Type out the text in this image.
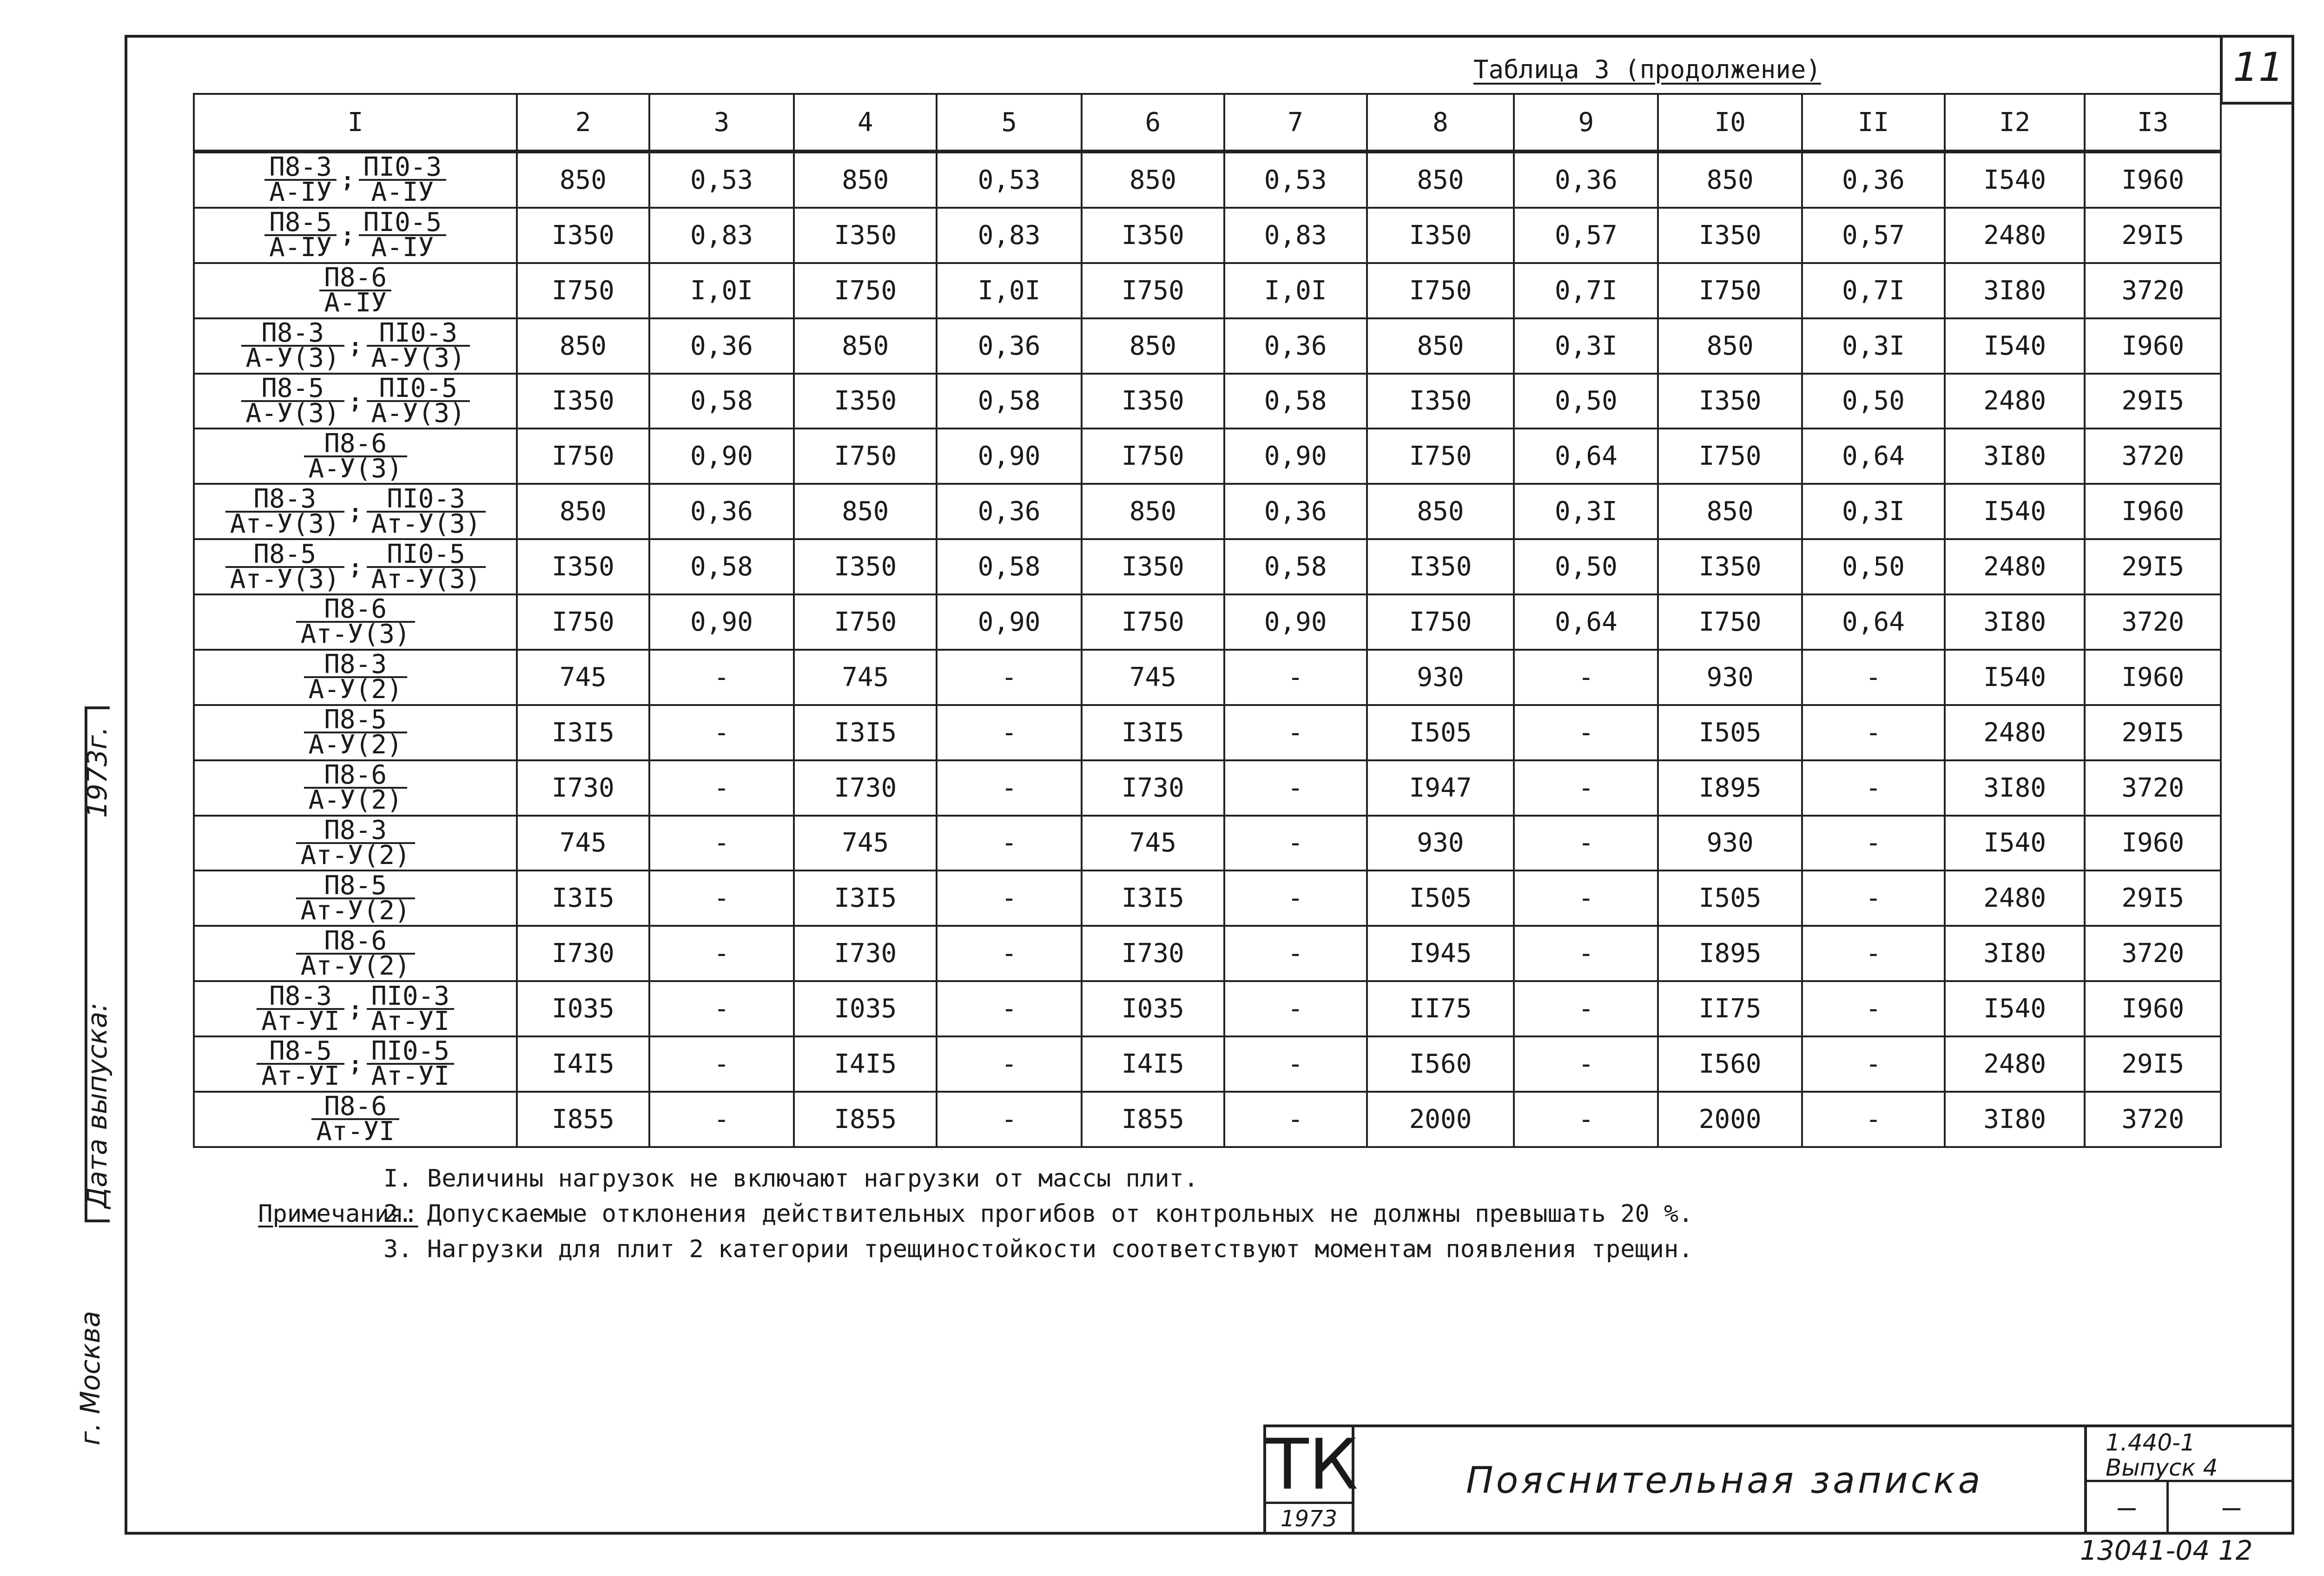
11
Дата выпуска:
1973г.
г. Москва
Таблица 3 (продолжение)
I	2	3	4	5	6	7	8	9	I0	II	I2	I3

$\frac{П8-3}{А-IУ}$ ; $\frac{ПI0-3}{А-IУ}$	850	0,53	850	0,53	850	0,53	850	0,36	850	0,36	I540	I960

$\frac{П8-5}{А-IУ}$ ; $\frac{ПI0-5}{А-IУ}$	I350	0,83	I350	0,83	I350	0,83	I350	0,57	I350	0,57	2480	29I5

$\frac{П8-6}{А-IУ}$	I750	I,0I	I750	I,0I	I750	I,0I	I750	0,7I	I750	0,7I	3I80	3720

$\frac{П8-3}{А-У(3)}$ ; $\frac{ПI0-3}{А-У(3)}$	850	0,36	850	0,36	850	0,36	850	0,3I	850	0,3I	I540	I960

$\frac{П8-5}{А-У(3)}$ ; $\frac{ПI0-5}{А-У(3)}$	I350	0,58	I350	0,58	I350	0,58	I350	0,50	I350	0,50	2480	29I5

$\frac{П8-6}{А-У(3)}$	I750	0,90	I750	0,90	I750	0,90	I750	0,64	I750	0,64	3I80	3720

$\frac{П8-3}{Ат-У(3)}$ ; $\frac{ПI0-3}{Ат-У(3)}$	850	0,36	850	0,36	850	0,36	850	0,3I	850	0,3I	I540	I960

$\frac{П8-5}{Ат-У(3)}$ ; $\frac{ПI0-5}{Ат-У(3)}$	I350	0,58	I350	0,58	I350	0,58	I350	0,50	I350	0,50	2480	29I5

$\frac{П8-6}{Ат-У(3)}$	I750	0,90	I750	0,90	I750	0,90	I750	0,64	I750	0,64	3I80	3720

$\frac{П8-3}{А-У(2)}$	745	-	745	-	745	-	930	-	930	-	I540	I960

$\frac{П8-5}{А-У(2)}$	I3I5	-	I3I5	-	I3I5	-	I505	-	I505	-	2480	29I5

$\frac{П8-6}{А-У(2)}$	I730	-	I730	-	I730	-	I947	-	I895	-	3I80	3720

$\frac{П8-3}{Ат-У(2)}$	745	-	745	-	745	-	930	-	930	-	I540	I960

$\frac{П8-5}{Ат-У(2)}$	I3I5	-	I3I5	-	I3I5	-	I505	-	I505	-	2480	29I5

$\frac{П8-6}{Ат-У(2)}$	I730	-	I730	-	I730	-	I945	-	I895	-	3I80	3720

$\frac{П8-3}{Ат-УI}$ ; $\frac{ПI0-3}{Ат-УI}$	I035	-	I035	-	I035	-	II75	-	II75	-	I540	I960

$\frac{П8-5}{Ат-УI}$ ; $\frac{ПI0-5}{Ат-УI}$	I4I5	-	I4I5	-	I4I5	-	I560	-	I560	-	2480	29I5

$\frac{П8-6}{Ат-УI}$	I855	-	I855	-	I855	-	2000	-	2000	-	3I80	3720

Примечания:

I. Величины нагрузок не включают нагрузки от массы плит.

2. Допускаемые отклонения действительных прогибов от контрольных не должны превышать 20 %.

3. Нагрузки для плит 2 категории трещиностойкости соответствуют моментам появления трещин.

ТК
1973
Пояснительная записка
1.440-1
Выпуск 4
—	—
13041-04 12
